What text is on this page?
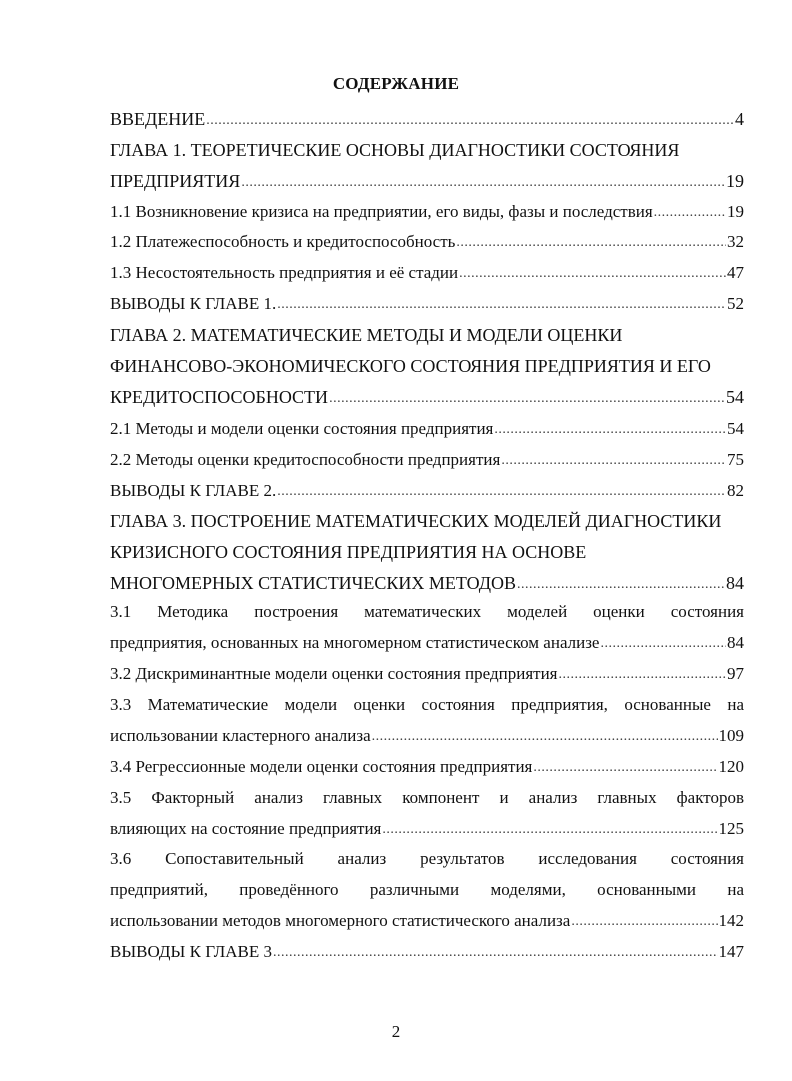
СОДЕРЖАНИЕ
ВВЕДЕНИЕ .....	4
ГЛАВА 1. ТЕОРЕТИЧЕСКИЕ ОСНОВЫ ДИАГНОСТИКИ СОСТОЯНИЯ
ПРЕДПРИЯТИЯ .....	19
1.1 Возникновение кризиса на предприятии, его виды, фазы и последствия .....	19
1.2 Платежеспособность и кредитоспособность .....	32
1.3 Несостоятельность предприятия и её стадии .....	47
ВЫВОДЫ К ГЛАВЕ 1. .....	52
ГЛАВА 2. МАТЕМАТИЧЕСКИЕ МЕТОДЫ И МОДЕЛИ ОЦЕНКИ
ФИНАНСОВО-ЭКОНОМИЧЕСКОГО СОСТОЯНИЯ ПРЕДПРИЯТИЯ И ЕГО
КРЕДИТОСПОСОБНОСТИ .....	54
2.1 Методы и модели оценки состояния предприятия .....	54
2.2 Методы оценки кредитоспособности предприятия .....	75
ВЫВОДЫ К ГЛАВЕ 2. .....	82
ГЛАВА 3. ПОСТРОЕНИЕ МАТЕМАТИЧЕСКИХ МОДЕЛЕЙ ДИАГНОСТИКИ
КРИЗИСНОГО СОСТОЯНИЯ ПРЕДПРИЯТИЯ НА ОСНОВЕ
МНОГОМЕРНЫХ СТАТИСТИЧЕСКИХ МЕТОДОВ .....	84
3.1 Методика построения математических моделей оценки состояния
предприятия, основанных на многомерном статистическом анализе .....	84
3.2 Дискриминантные модели оценки состояния предприятия .....	97
3.3 Математические модели оценки состояния предприятия, основанные на
использовании кластерного анализа .....	109
3.4 Регрессионные модели оценки состояния предприятия .....	120
3.5 Факторный анализ главных компонент и анализ главных факторов
влияющих на состояние предприятия .....	125
3.6 Сопоставительный анализ результатов исследования состояния
предприятий, проведённого различными моделями, основанными на
использовании методов многомерного статистического анализа .....	142
ВЫВОДЫ К ГЛАВЕ 3 .....	147
2
